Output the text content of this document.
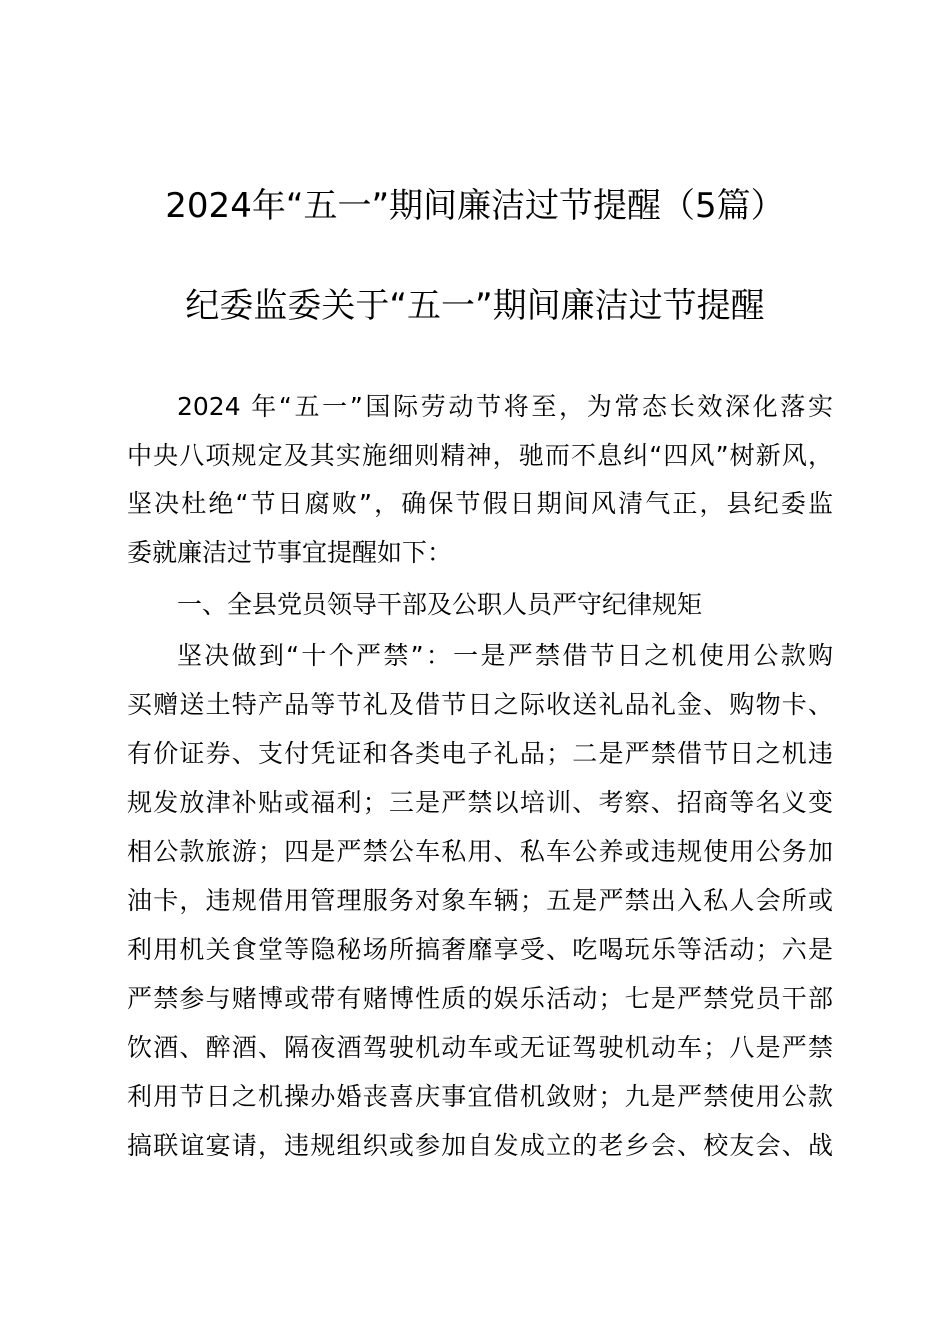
2024年“五一”期间廉洁过节提醒（5篇）
纪委监委关于“五一”期间廉洁过节提醒
2024 年“五一”国际劳动节将至，为常态长效深化落实
中央八项规定及其实施细则精神，驰而不息纠“四风”树新风，
坚决杜绝“节日腐败”，确保节假日期间风清气正，县纪委监
委就廉洁过节事宜提醒如下：
一、全县党员领导干部及公职人员严守纪律规矩
坚决做到“十个严禁”：一是严禁借节日之机使用公款购
买赠送土特产品等节礼及借节日之际收送礼品礼金、购物卡、
有价证券、支付凭证和各类电子礼品；二是严禁借节日之机违
规发放津补贴或福利；三是严禁以培训、考察、招商等名义变
相公款旅游；四是严禁公车私用、私车公养或违规使用公务加
油卡，违规借用管理服务对象车辆；五是严禁出入私人会所或
利用机关食堂等隐秘场所搞奢靡享受、吃喝玩乐等活动；六是
严禁参与赌博或带有赌博性质的娱乐活动；七是严禁党员干部
饮酒、醉酒、隔夜酒驾驶机动车或无证驾驶机动车；八是严禁
利用节日之机操办婚丧喜庆事宜借机敛财；九是严禁使用公款
搞联谊宴请，违规组织或参加自发成立的老乡会、校友会、战
